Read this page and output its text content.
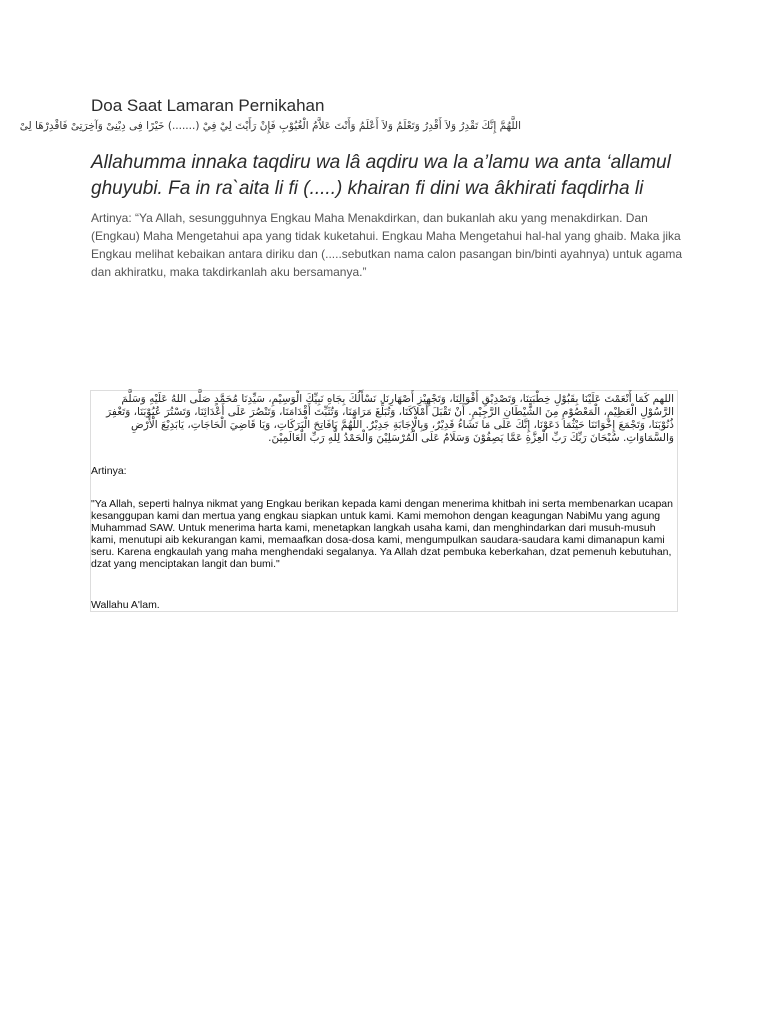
Doa Saat Lamaran Pernikahan
اللَّهُمَّ إِنَّكَ تَقْدِرُ وَلاَ أَقْدِرُ وَتَعْلَمُ وَلاَ أَعْلَمُ وَأَنْتَ عَلاَّمُ الْغُيُوْبِ فَإِنْ رَأَيْتَ لِيْ فِيْ (.......) خَيْرًا فِى دِيْنِىْ وَآخِرَتِىْ فَاقْدِرْهَا لِىْ

Allahumma innaka taqdiru wa lâ aqdiru wa la a’lamu wa anta ‘allamul ghuyubi. Fa in ra`aita li fi (.....) khairan fi dini wa âkhirati faqdirha li

Artinya: “Ya Allah, sesungguhnya Engkau Maha Menakdirkan, dan bukanlah aku yang menakdirkan. Dan (Engkau) Maha Mengetahui apa yang tidak kuketahui. Engkau Maha Mengetahui hal-hal yang ghaib. Maka jika Engkau melihat kebaikan antara diriku dan (.....sebutkan nama calon pasangan bin/binti ayahnya) untuk agama dan akhiratku, maka takdirkanlah aku bersamanya.”

اللهم كَمَا أَنْعَمْتَ عَلَيْنَا بِقَبُوْلِ خِطْبَتِنَا، وَتَصْدِيْقِ أَقْوَالِنَا، وَتَجْهِيْزِ أَصْهَارِنَا. نَسْأَلُكَ بِجَاهِ نَبِيِّكَ الْوَسِيْمِ، سَيِّدِنَا مُحَمَّدٍ صَلَّى اللهُ عَلَيْهِ وَسَلَّمَ الرَّسُوْلِ الْعَظِيْمِ، الْمَعْصُوْمِ مِنَ الشَّيْطَانِ الرَّجِيْمِ. أَنْ تَقْبَلَ أَمْلاَكَنَا، وَتُبَلِّغَ مَرَامَنَا، وَتُثَبِّتَ أَقْدَامَنَا، وَتَنْصُرَ عَلَى أَعْدَائِنَا، وَتَسْتُرَ عُيُوْبَنَا، وَتَغْفِرَ ذُنُوْبَنَا، وَتَجْمَعَ إِخْوَانَنَا حَيْثُمَا دَعَوْنَا، إِنَّكَ عَلَى مَا تَشَاءُ قَدِيْرٌ، وَبِالْإِجَابَةِ جَدِيْرٌ. اللَّهُمَّ يَافَاتِحَ الْبَرَكَاتِ، وَيَا قَاضِيَ الْحَاجَاتِ، يَابَدِيْعَ الْأَرْضِ وَالسَّمَاوَاتِ. سُبْحَانَ رَبِّكَ رَبِّ الْعِزَّةِ عَمَّا يَصِفُوْنَ وَسَلَامٌ عَلَى الْمُرْسَلِيْنَ وَالْحَمْدُ لِلَّهِ رَبِّ الْعَالَمِيْنَ.

Artinya:

"Ya Allah, seperti halnya nikmat yang Engkau berikan kepada kami dengan menerima khitbah ini serta membenarkan ucapan kesanggupan kami dan mertua yang engkau siapkan untuk kami. Kami memohon dengan keagungan NabiMu yang agung Muhammad SAW. Untuk menerima harta kami, menetapkan langkah usaha kami, dan menghindarkan dari musuh-musuh kami, menutupi aib kekurangan kami, memaafkan dosa-dosa kami, mengumpulkan saudara-saudara kami dimanapun kami seru. Karena engkaulah yang maha menghendaki segalanya. Ya Allah dzat pembuka keberkahan, dzat pemenuh kebutuhan, dzat yang menciptakan langit dan bumi."

Wallahu A'lam.
